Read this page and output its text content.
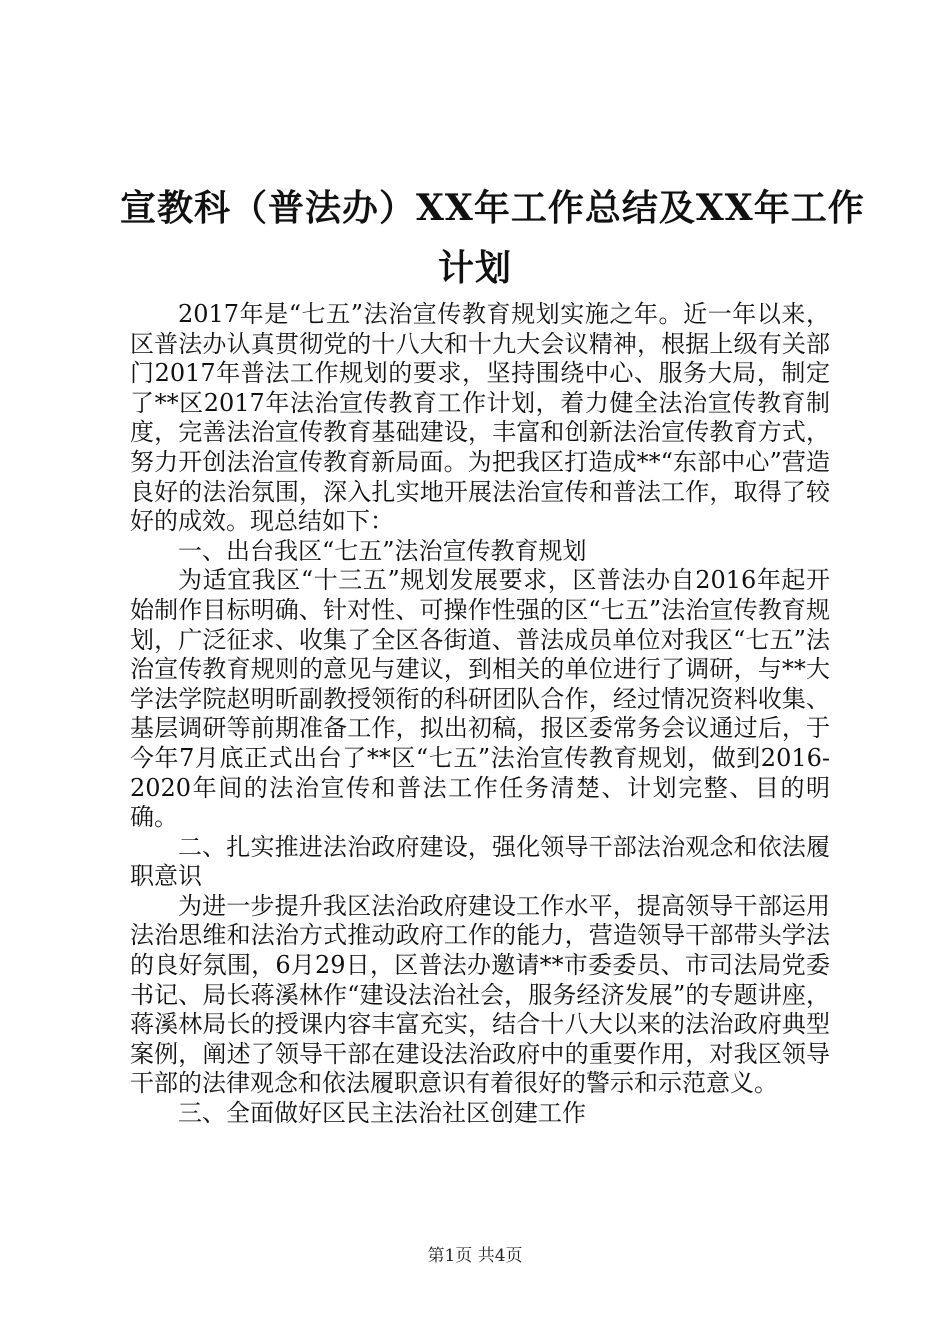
宣教科（普法办）XX年工作总结及XX年工作
计划

2017年是“七五”法治宣传教育规划实施之年。近一年以来，区普法办认真贯彻党的十八大和十九大会议精神，根据上级有关部门2017年普法工作规划的要求，坚持围绕中心、服务大局，制定了**区2017年法治宣传教育工作计划，着力健全法治宣传教育制度，完善法治宣传教育基础建设，丰富和创新法治宣传教育方式，努力开创法治宣传教育新局面。为把我区打造成**“东部中心”营造良好的法治氛围，深入扎实地开展法治宣传和普法工作，取得了较好的成效。现总结如下：

一、出台我区“七五”法治宣传教育规划

为适宜我区“十三五”规划发展要求，区普法办自2016年起开始制作目标明确、针对性、可操作性强的区“七五”法治宣传教育规划，广泛征求、收集了全区各街道、普法成员单位对我区“七五”法治宣传教育规则的意见与建议，到相关的单位进行了调研，与**大学法学院赵明昕副教授领衔的科研团队合作，经过情况资料收集、基层调研等前期准备工作，拟出初稿，报区委常务会议通过后，于今年7月底正式出台了**区“七五”法治宣传教育规划，做到2016-2020年间的法治宣传和普法工作任务清楚、计划完整、目的明确。

二、扎实推进法治政府建设，强化领导干部法治观念和依法履职意识

为进一步提升我区法治政府建设工作水平，提高领导干部运用法治思维和法治方式推动政府工作的能力，营造领导干部带头学法的良好氛围，6月29日，区普法办邀请**市委委员、市司法局党委书记、局长蒋溪林作“建设法治社会，服务经济发展”的专题讲座，蒋溪林局长的授课内容丰富充实，结合十八大以来的法治政府典型案例，阐述了领导干部在建设法治政府中的重要作用，对我区领导干部的法律观念和依法履职意识有着很好的警示和示范意义。

三、全面做好区民主法治社区创建工作

第1页 共4页
